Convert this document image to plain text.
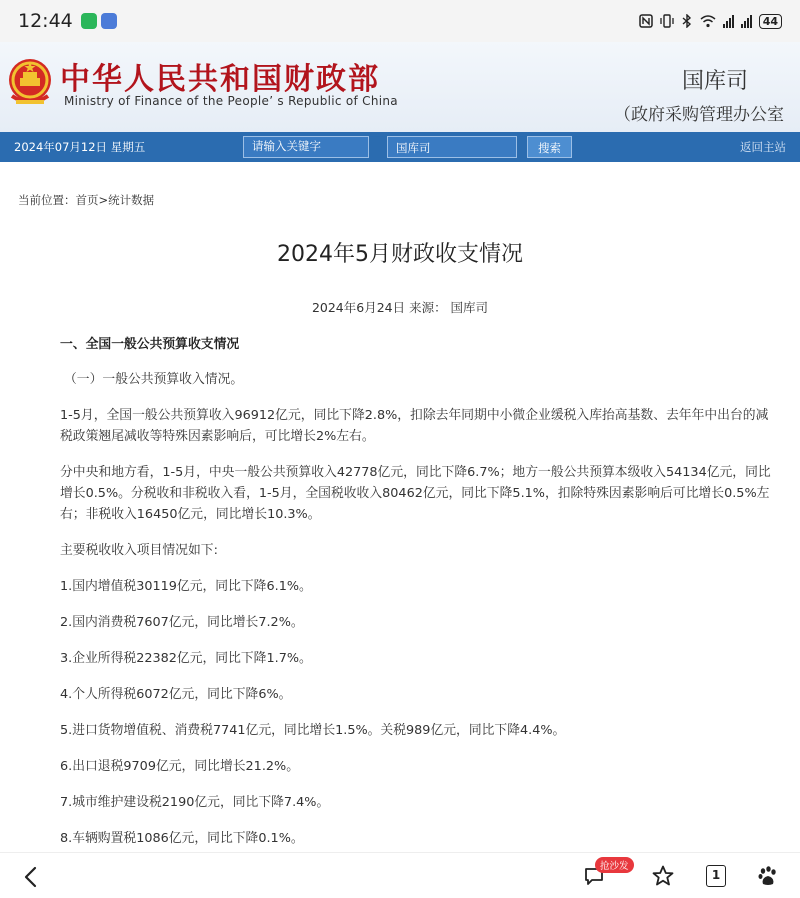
12:44	44
中华人民共和国财政部
Ministry of Finance of the People’ s Republic of China
国库司
（政府采购管理办公室
2024年07月12日 星期五
请输入关键字	国库司	搜索	返回主站
当前位置：首页>统计数据
2024年5月财政收支情况
2024年6月24日 来源： 国库司

一、全国一般公共预算收支情况

（一）一般公共预算收入情况。

1-5月，全国一般公共预算收入96912亿元，同比下降2.8%，扣除去年同期中小微企业缓税入库抬高基数、去年年中出台的减税政策翘尾减收等特殊因素影响后，可比增长2%左右。

分中央和地方看，1-5月，中央一般公共预算收入42778亿元，同比下降6.7%；地方一般公共预算本级收入54134亿元，同比增长0.5%。分税收和非税收入看，1-5月，全国税收收入80462亿元，同比下降5.1%，扣除特殊因素影响后可比增长0.5%左右；非税收入16450亿元，同比增长10.3%。

主要税收收入项目情况如下:

1.国内增值税30119亿元，同比下降6.1%。

2.国内消费税7607亿元，同比增长7.2%。

3.企业所得税22382亿元，同比下降1.7%。

4.个人所得税6072亿元，同比下降6%。

5.进口货物增值税、消费税7741亿元，同比增长1.5%。关税989亿元，同比下降4.4%。

6.出口退税9709亿元，同比增长21.2%。

7.城市维护建设税2190亿元，同比下降7.4%。

8.车辆购置税1086亿元，同比下降0.1%。

抢沙发
1
